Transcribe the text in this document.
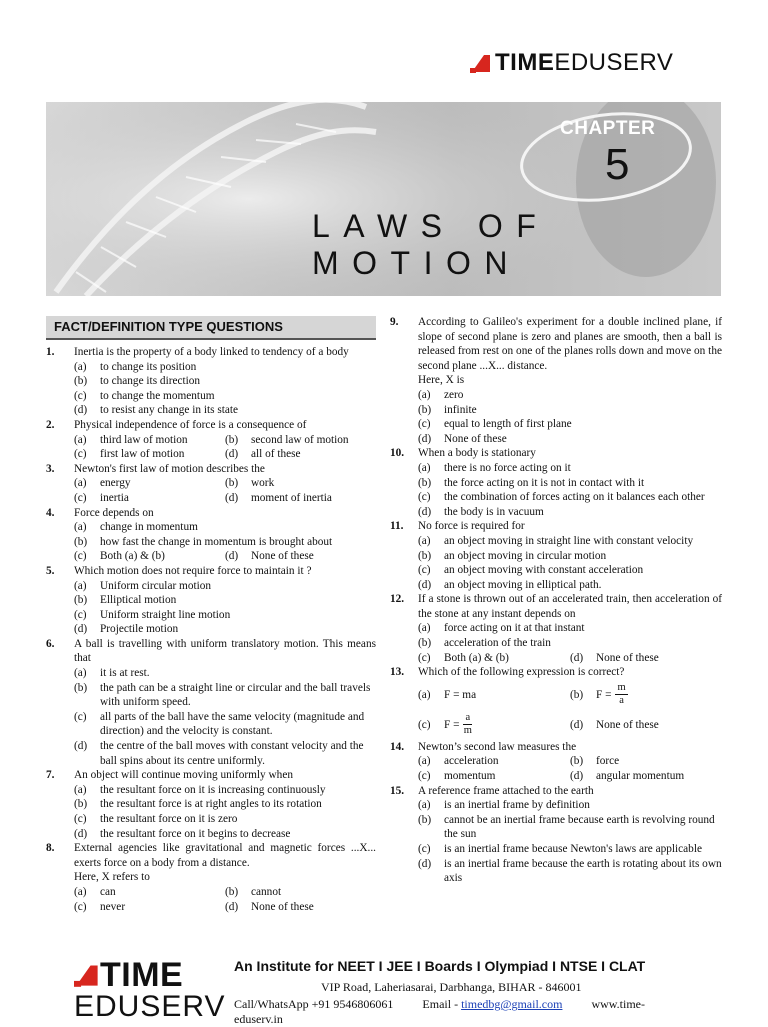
TIME EDUSERV
CHAPTER
5
LAWS OF MOTION
FACT/DEFINITION TYPE QUESTIONS
1.	Inertia is the property of a body linked to tendency of a body
(a)	to change its position
(b)	to change its direction
(c)	to change the momentum
(d)	to resist any change in its state
2.	Physical independence of force is a consequence of
(a)	third law of motion	(b)	second law of motion
(c)	first law of motion	(d)	all of these
3.	Newton's first law of motion describes the
(a)	energy	(b)	work
(c)	inertia	(d)	moment of inertia
4.	Force depends on
(a)	change in momentum
(b)	how fast the change in momentum is brought about
(c)	Both (a) & (b)	(d)	None of these
5.	Which motion does not require force to maintain it ?
(a)	Uniform circular motion
(b)	Elliptical motion
(c)	Uniform straight line motion
(d)	Projectile motion
6.	A ball is travelling with uniform translatory motion. This means that
(a)	it is at rest.
(b)	the path can be a straight line or circular and the ball travels with uniform speed.
(c)	all parts of the ball have the same velocity (magnitude and direction) and the velocity is constant.
(d)	the centre of the ball moves with constant velocity and the ball spins about its centre uniformly.
7.	An object will continue moving uniformly when
(a)	the resultant force on it is increasing continuously
(b)	the resultant force is at right angles to its rotation
(c)	the resultant force on it is zero
(d)	the resultant force on it begins to decrease
8.	External agencies like gravitational and magnetic forces ...X... exerts force on a body from a distance.
Here, X refers to
(a)	can	(b)	cannot
(c)	never	(d)	None of these
9.	According to Galileo's experiment for a double inclined plane, if slope of second plane is zero and planes are smooth, then a ball is released from rest on one of the planes rolls down and move on the second plane ...X... distance.
Here, X is
(a)	zero
(b)	infinite
(c)	equal to length of first plane
(d)	None of these
10.	When a body is stationary
(a)	there is no force acting on it
(b)	the force acting on it is not in contact with it
(c)	the combination of forces acting on it balances each other
(d)	the body is in vacuum
11.	No force is required for
(a)	an object moving in straight line with constant velocity
(b)	an object moving in circular motion
(c)	an object moving with constant acceleration
(d)	an object moving in elliptical path.
12.	If a stone is thrown out of an accelerated train, then acceleration of the stone at any instant depends on
(a)	force acting on it at that instant
(b)	acceleration of the train
(c)	Both (a) & (b)	(d)	None of these
13.	Which of the following expression is correct?
(a)	F = ma	(b)	$F = \frac{m}{a}$
(c)	$F = \frac{a}{m}$	(d)	None of these
14.	Newton’s second law measures the
(a)	acceleration	(b)	force
(c)	momentum	(d)	angular momentum
15.	A reference frame attached to the earth
(a)	is an inertial frame by definition
(b)	cannot be an inertial frame because earth is revolving round the sun
(c)	is an inertial frame because Newton's laws are applicable
(d)	is an inertial frame because the earth is rotating about its own axis
TIME
EDUSERV
An Institute for NEET I JEE I Boards I Olympiad I NTSE I CLAT
VIP Road, Laheriasarai, Darbhanga, BIHAR - 846001
Call/WhatsApp +91 9546806061 Email - timedbg@gmail.com www.time-eduserv.in
